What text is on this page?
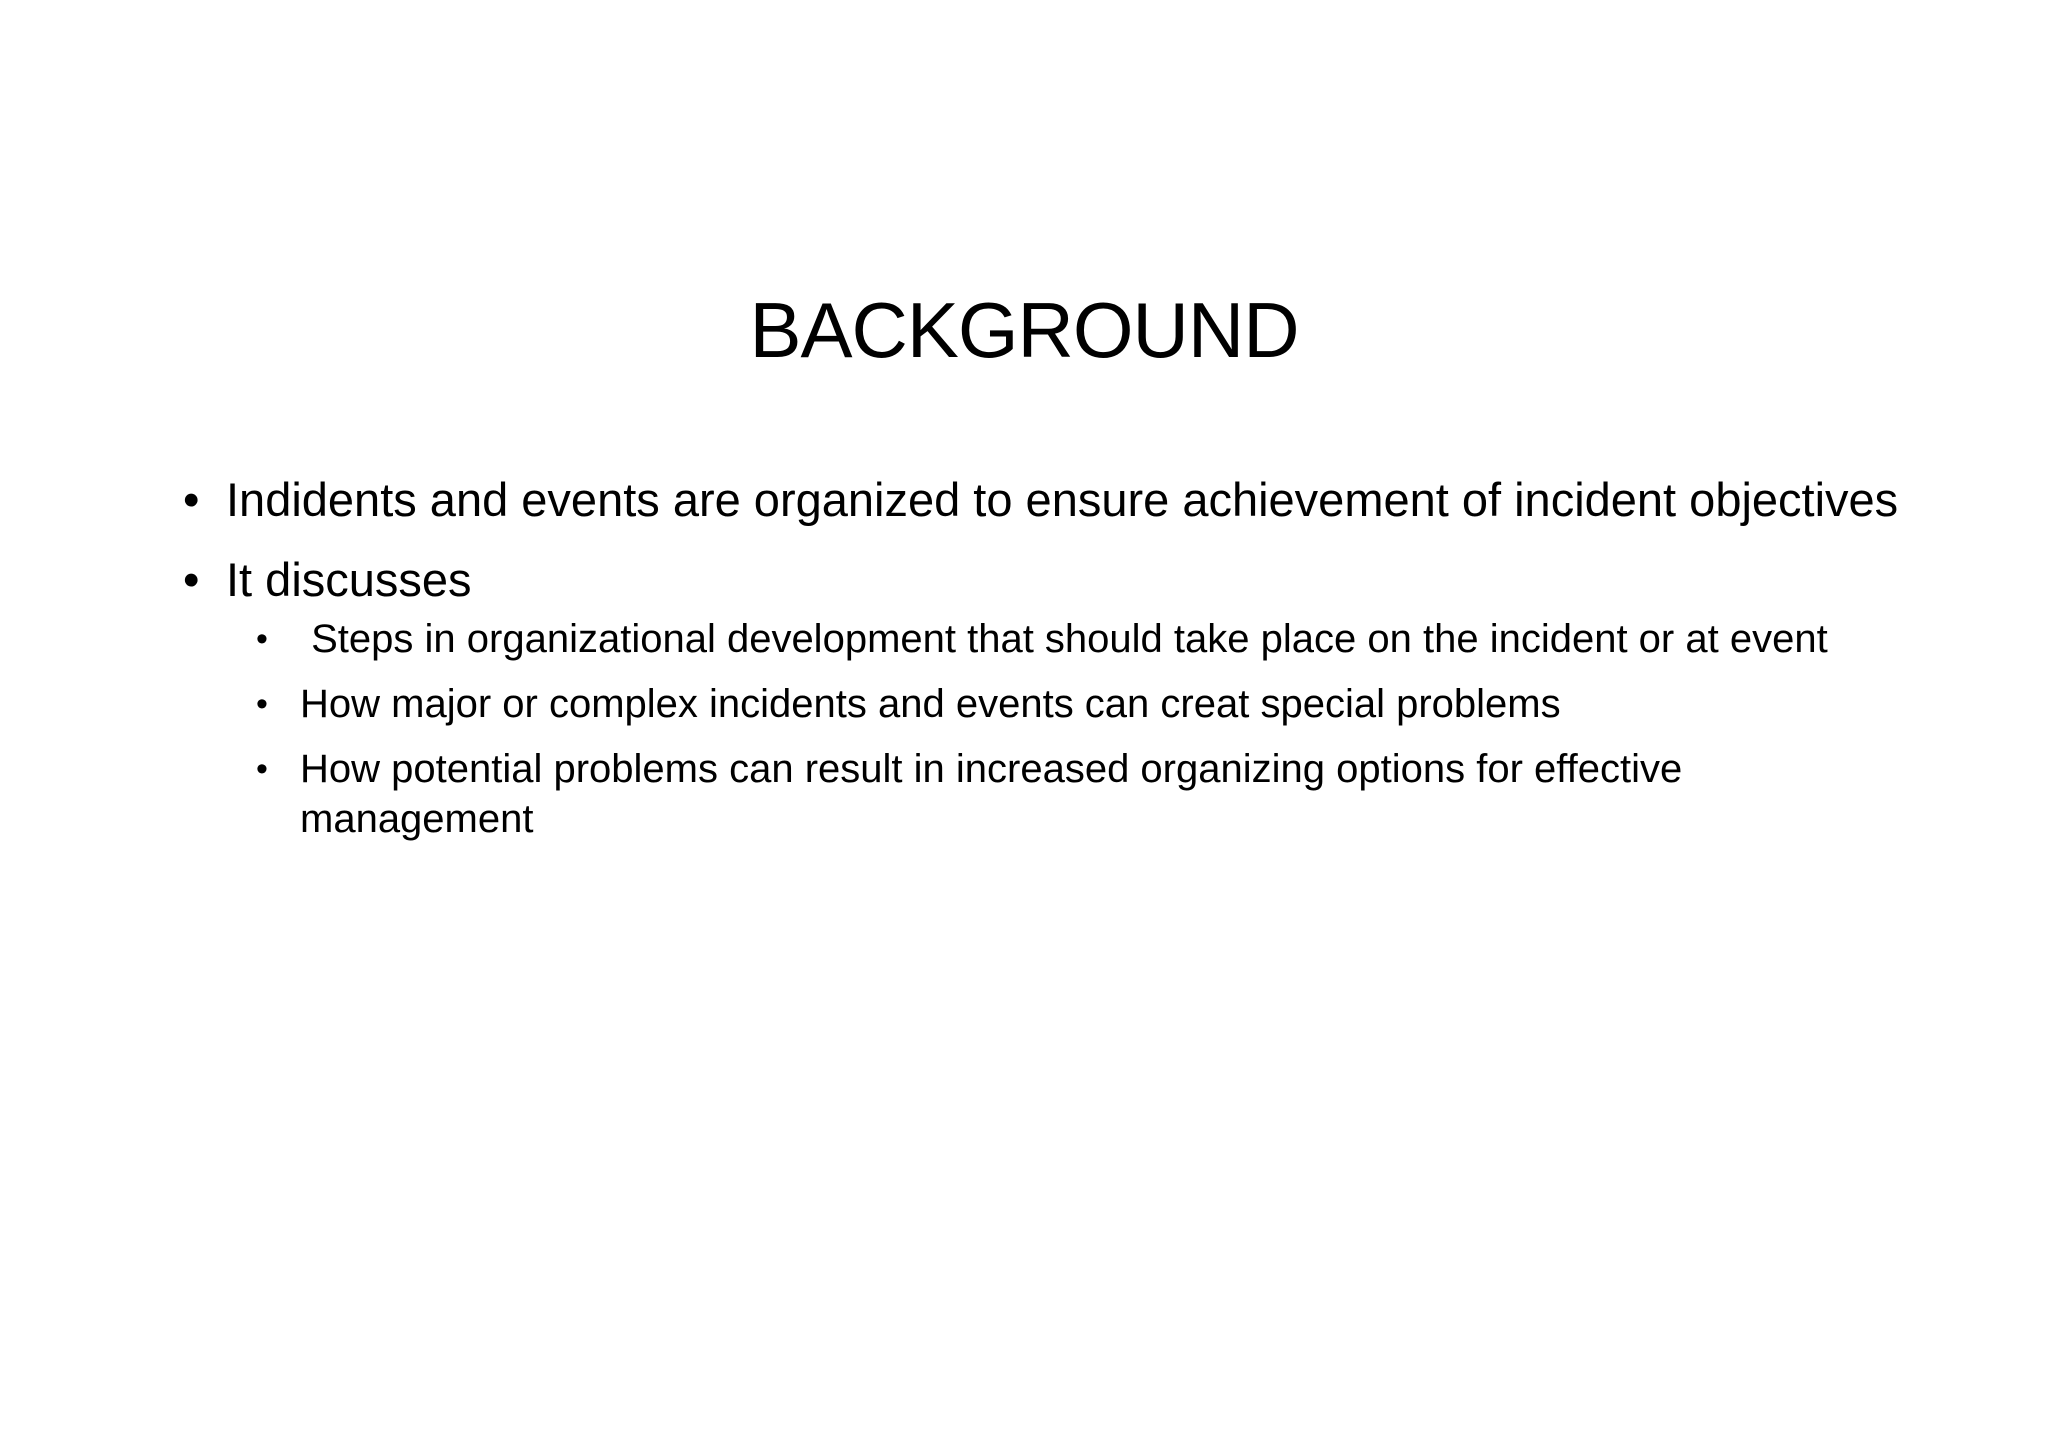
BACKGROUND
• Indidents and events are organized to ensure achievement of incident objectives
• It discusses
• Steps in organizational development that should take place on the incident or at event
• How major or complex incidents and events can creat special problems
• How potential problems can result in increased organizing options for effective management
